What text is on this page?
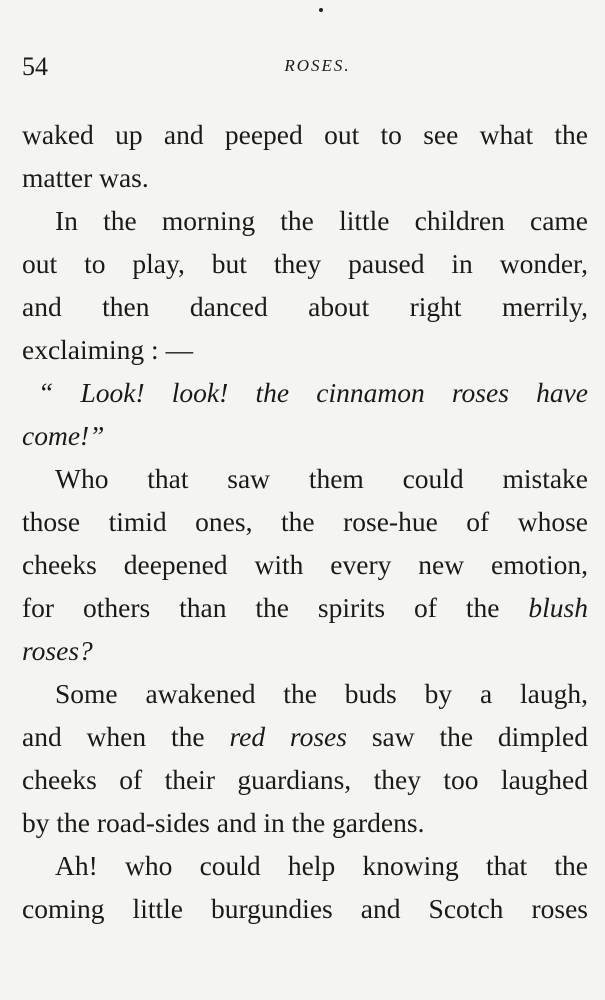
54	ROSES.
waked up and peeped out to see what the
matter was.
In the morning the little children came
out to play, but they paused in wonder,
and then danced about right merrily,
exclaiming : —
“ Look! look! the cinnamon roses have
come!”
Who that saw them could mistake
those timid ones, the rose-hue of whose
cheeks deepened with every new emotion,
for others than the spirits of the blush
roses?
Some awakened the buds by a laugh,
and when the red roses saw the dimpled
cheeks of their guardians, they too laughed
by the road-sides and in the gardens.
Ah! who could help knowing that the
coming little burgundies and Scotch roses
